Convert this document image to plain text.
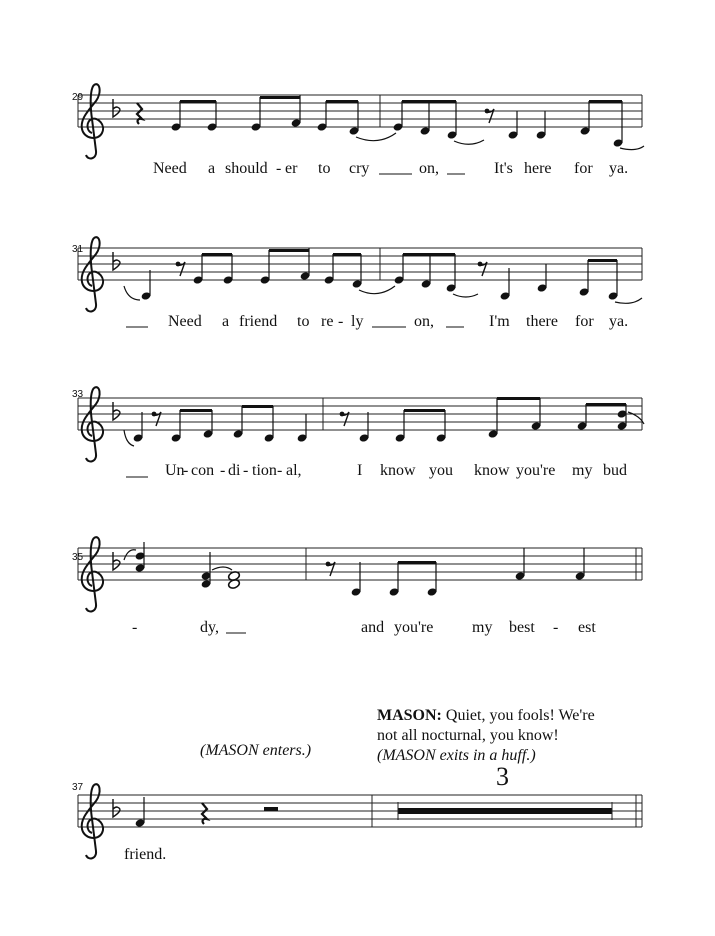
29
31
33
35
37
Need a should - er to cry	on,	It's here for ya.
Need a friend to re - ly	on,	I'm there for ya.
Un
- con - di - tion - al,	I know you know you're my bud
-	dy,	and you're my best - est
friend.
MASON: Quiet, you fools! We're
not all nocturnal, you know!
(MASON exits in a huff.)
(MASON enters.)
3
